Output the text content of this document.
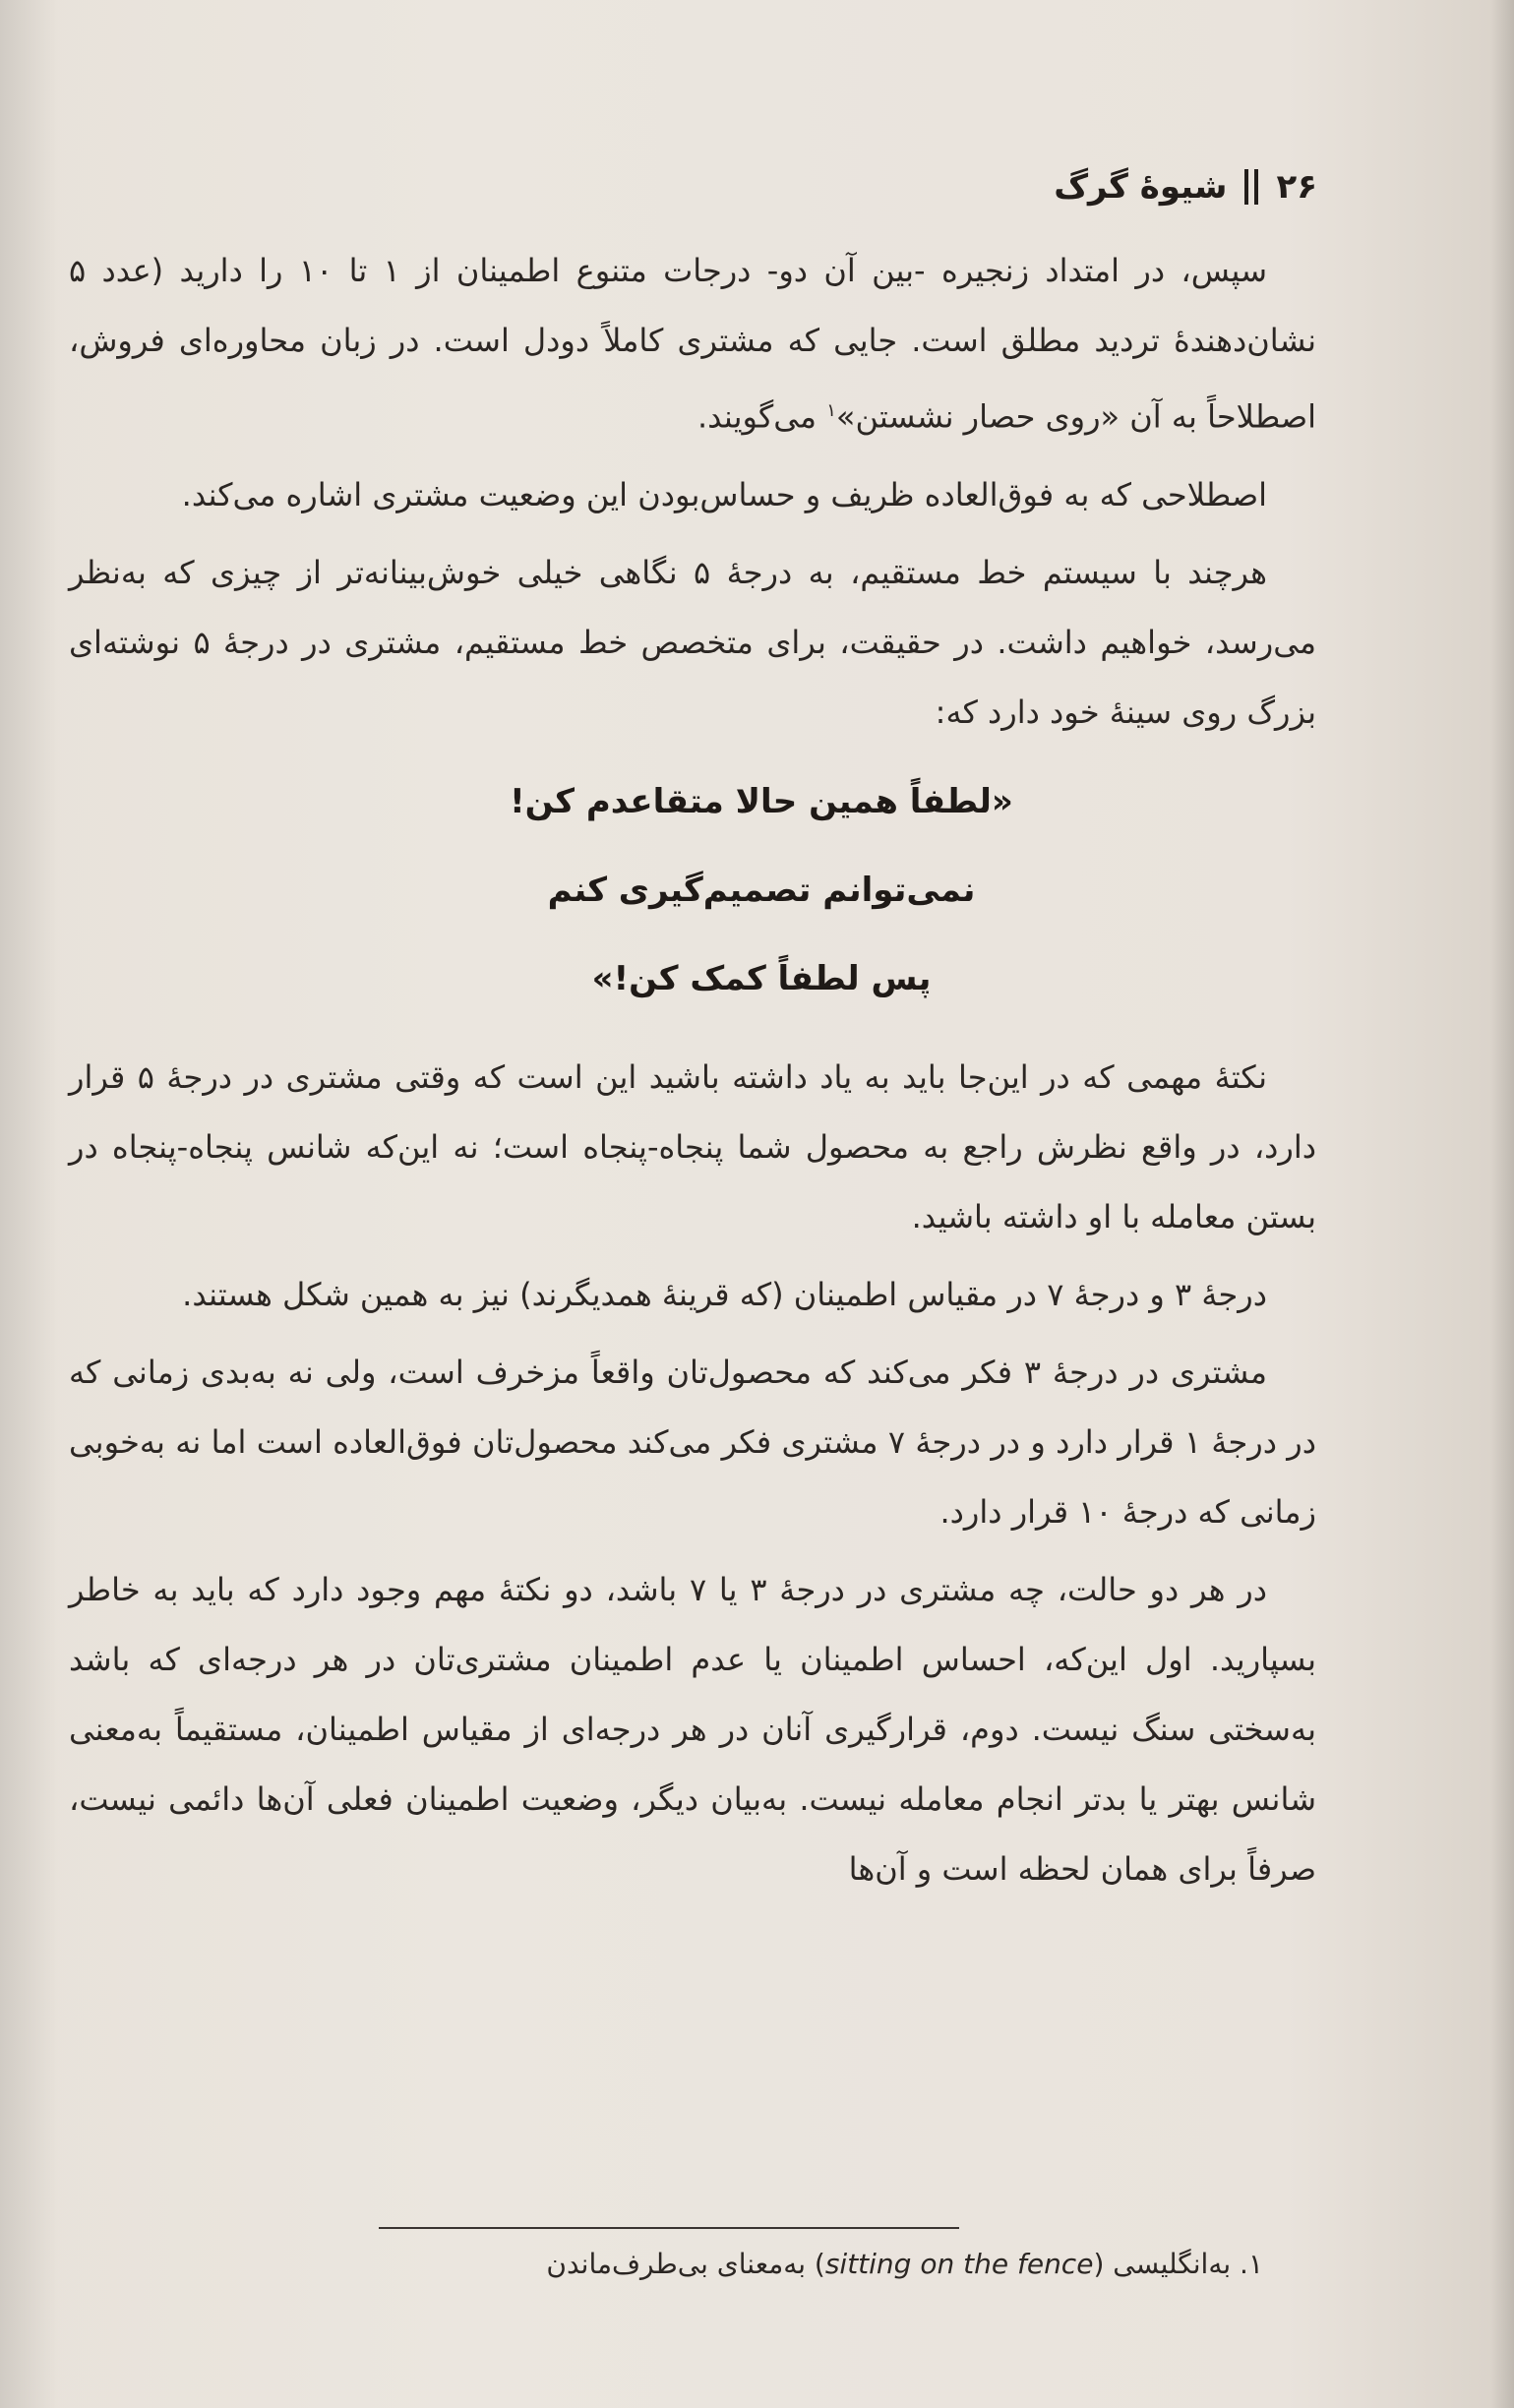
۲۶
شیوهٔ گرگ

سپس، در امتداد زنجیره -بین آن دو- درجات متنوع اطمینان از ۱ تا ۱۰ را دارید (عدد ۵ نشان‌دهندهٔ تردید مطلق است. جایی که مشتری کاملاً دودل است. در زبان محاوره‌ای فروش، اصطلاحاً به آن «روی حصار نشستن»$^۱$ می‌گویند.

اصطلاحی که به فوق‌العاده ظریف و حساس‌بودن این وضعیت مشتری اشاره می‌کند.

هرچند با سیستم خط مستقیم، به درجهٔ ۵ نگاهی خیلی خوش‌بینانه‌تر از چیزی که به‌نظر می‌رسد، خواهیم داشت. در حقیقت، برای متخصص خط مستقیم، مشتری در درجهٔ ۵ نوشته‌ای بزرگ روی سینهٔ خود دارد که:

«لطفاً همین حالا متقاعدم کن!
نمی‌توانم تصمیم‌گیری کنم
پس لطفاً کمک کن!»

نکتهٔ مهمی که در این‌جا باید به یاد داشته باشید این است که وقتی مشتری در درجهٔ ۵ قرار دارد، در واقع نظرش راجع به محصول شما پنجاه-پنجاه است؛ نه این‌که شانس پنجاه-پنجاه در بستن معامله با او داشته باشید.

درجهٔ ۳ و درجهٔ ۷ در مقیاس اطمینان (که قرینهٔ همدیگرند) نیز به همین شکل هستند.

مشتری در درجهٔ ۳ فکر می‌کند که محصول‌تان واقعاً مزخرف است، ولی نه به‌بدی زمانی که در درجهٔ ۱ قرار دارد و در درجهٔ ۷ مشتری فکر می‌کند محصول‌تان فوق‌العاده است اما نه به‌خوبی زمانی که درجهٔ ۱۰ قرار دارد.

در هر دو حالت، چه مشتری در درجهٔ ۳ یا ۷ باشد، دو نکتهٔ مهم وجود دارد که باید به خاطر بسپارید. اول این‌که، احساس اطمینان یا عدم اطمینان مشتری‌تان در هر درجه‌ای که باشد به‌سختی سنگ نیست. دوم، قرارگیری آنان در هر درجه‌ای از مقیاس اطمینان، مستقیماً به‌معنی شانس بهتر یا بدتر انجام معامله نیست. به‌بیان دیگر، وضعیت اطمینان فعلی آن‌ها دائمی نیست، صرفاً برای همان لحظه است و آن‌ها

۱. به‌انگلیسی (sitting on the fence) به‌معنای بی‌طرف‌ماندن
